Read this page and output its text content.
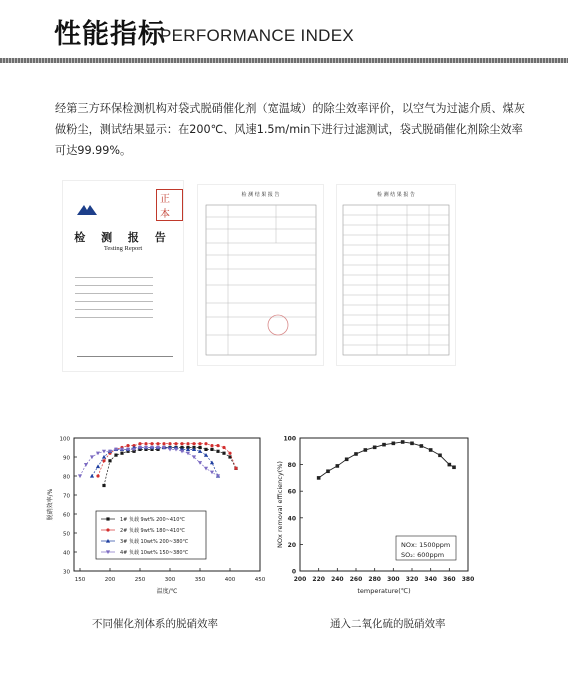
性能指标
PERFORMANCE INDEX
经第三方环保检测机构对袋式脱硝催化剂（宽温域）的除尘效率评价，以空气为过滤介质、煤灰做粉尘，测试结果显示：在200℃、风速1.5m/min下进行过滤测试，袋式脱硝催化剂除尘效率可达99.99%。
正本
检 测 报 告
Testing Report
检 测 结 果 报 告	检 测 结 果 报 告
150	200	250	300	350	400	450
30
40
50
60
70
80
90
100
温度/℃
脱硝效率/%	1# 负载 9wt% 200~410℃
2# 负载 9wt% 180~410℃
3# 负载 10wt% 200~380℃
4# 负载 10wt% 150~380℃
200 220 240 260 280 300 320 340 360 380
0
20
40
60
80
100
temperature(℃)
NOx removal efficiency(%)	NOx: 1500ppm
SO₂: 600ppm
不同催化剂体系的脱硝效率	通入二氧化硫的脱硝效率
